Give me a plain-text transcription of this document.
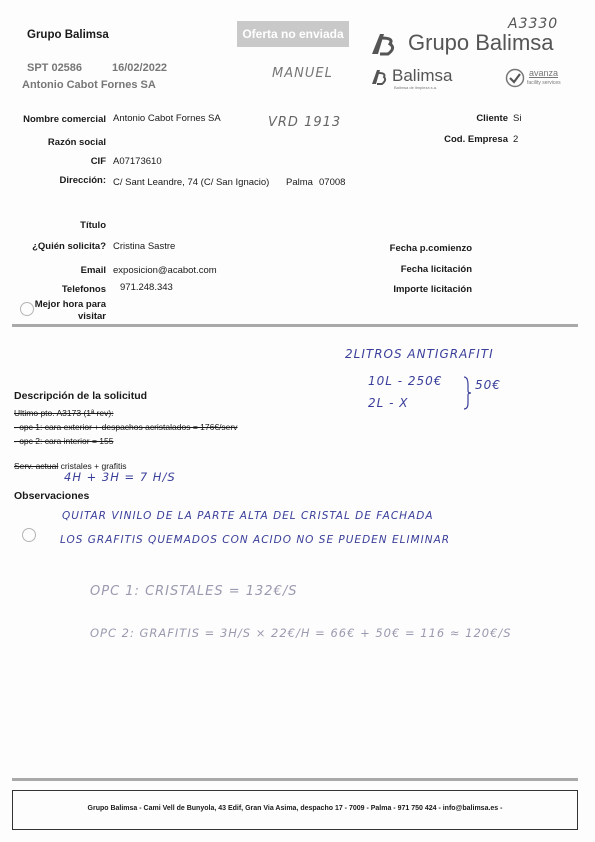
Grupo Balimsa
SPT 02586	16/02/2022
Antonio Cabot Fornes SA
Oferta no enviada
MANUEL
A3330
Grupo Balimsa
Balimsa
Balimsa de limpieza s.a.
avanza
facility services
Nombre comercial Antonio Cabot Fornes SA	VRD 1913
Razón social
CIF A07173610
Dirección: C/ Sant Leandre, 74 (C/ San Ignacio) Palma 07008
Cliente Si
Cod. Empresa 2
Título
¿Quién solicita? Cristina Sastre
Email exposicion@acabot.com
Telefonos 971.248.343
Mejor hora para visitar
Fecha p.comienzo
Fecha licitación
Importe licitación
2LITROS ANTIGRAFITI
10L - 250€
2L - X
50€
Descripción de la solicitud
Ultimo pto. A3173 (1ª rev):
- opc 1: cara exterior + despachos acristalados = 176€/serv
- opc 2: cara interior = 155
Serv. actual cristales + grafitis
4H + 3H = 7 H/S
Observaciones
QUITAR VINILO DE LA PARTE ALTA DEL CRISTAL DE FACHADA
LOS GRAFITIS QUEMADOS CON ACIDO NO SE PUEDEN ELIMINAR
OPC 1: CRISTALES = 132€/S
OPC 2: GRAFITIS = 3H/S × 22€/H = 66€ + 50€ = 116 ≈ 120€/S
Grupo Balimsa - Cami Vell de Bunyola, 43 Edif, Gran Via Asima, despacho 17 - 7009 - Palma - 971 750 424 - info@balimsa.es -
